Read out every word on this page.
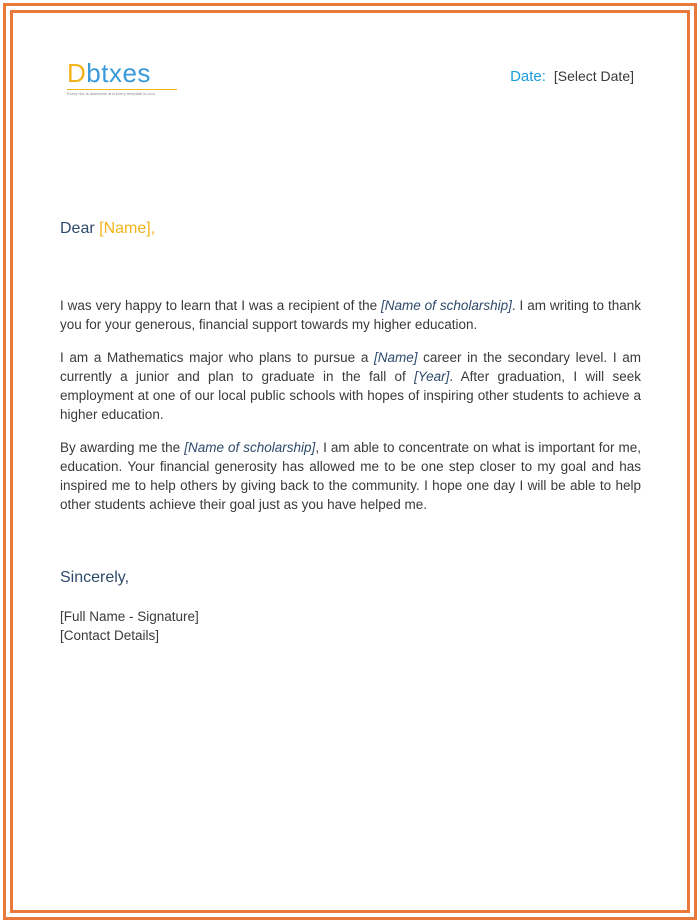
Dbtxes
Every doc is awesome and every template is cool
Date: [Select Date]
Dear [Name],

I was very happy to learn that I was a recipient of the [Name of scholarship]. I am writing to thank you for your generous, financial support towards my higher education.

I am a Mathematics major who plans to pursue a [Name] career in the secondary level. I am currently a junior and plan to graduate in the fall of [Year]. After graduation, I will seek employment at one of our local public schools with hopes of inspiring other students to achieve a higher education.

By awarding me the [Name of scholarship], I am able to concentrate on what is important for me, education. Your financial generosity has allowed me to be one step closer to my goal and has inspired me to help others by giving back to the community. I hope one day I will be able to help other students achieve their goal just as you have helped me.

Sincerely,
[Full Name - Signature]
[Contact Details]
